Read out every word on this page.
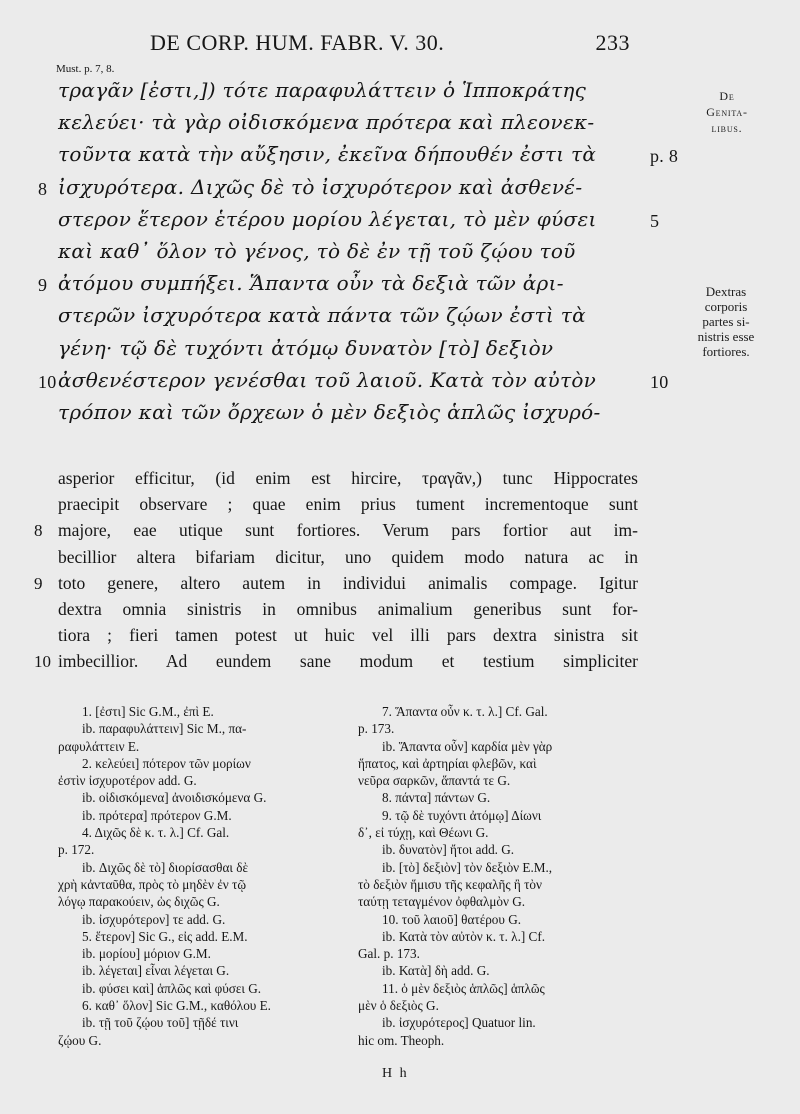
DE CORP. HUM. FABR. V. 30.	233
Must. p. 7, 8.
τραγᾶν [ἐστι,]) τότε παραφυλάττειν ὁ Ἱπποκράτης
κελεύει· τὰ γὰρ οἰδισκόμενα πρότερα καὶ πλεονεκ-
τοῦντα κατὰ τὴν αὔξησιν, ἐκεῖνα δήπουθέν ἐστι τὰ	p. 8
8 ἰσχυρότερα. Διχῶς δὲ τὸ ἰσχυρότερον καὶ ἀσθενέ-
στερον ἕτερον ἑτέρου μορίου λέγεται, τὸ μὲν φύσει	5
καὶ καθ᾽ ὅλον τὸ γένος, τὸ δὲ ἐν τῇ τοῦ ζῴου τοῦ
9 ἀτόμου συμπήξει. Ἅπαντα οὖν τὰ δεξιὰ τῶν ἀρι-
στερῶν ἰσχυρότερα κατὰ πάντα τῶν ζῴων ἐστὶ τὰ
γένη· τῷ δὲ τυχόντι ἀτόμῳ δυνατὸν [τὸ] δεξιὸν
10 ἀσθενέστερον γενέσθαι τοῦ λαιοῦ. Κατὰ τὸν αὐτὸν	10
τρόπον καὶ τῶν ὄρχεων ὁ μὲν δεξιὸς ἁπλῶς ἰσχυρό-
De
Genita-
libus.
Dextras
corporis
partes si-
nistris esse
fortiores.
asperior efficitur, (id enim est hircire, τραγᾶν,) tunc Hippocrates
praecipit observare ; quae enim prius tument incrementoque sunt
8 majore, eae utique sunt fortiores. Verum pars fortior aut im-
becillior altera bifariam dicitur, uno quidem modo natura ac in
9 toto genere, altero autem in individui animalis compage. Igitur
dextra omnia sinistris in omnibus animalium generibus sunt for-
tiora ; fieri tamen potest ut huic vel illi pars dextra sinistra sit
10 imbecillior. Ad eundem sane modum et testium simpliciter
1. [ἐστι] Sic G.M., ἐπὶ E.
ib. παραφυλάττειν] Sic M., πα-
ραφυλάττειν E.
2. κελεύει] πότερον τῶν μορίων
ἐστὶν ἰσχυροτέρον add. G.
ib. οἰδισκόμενα] ἀνοιδισκόμενα G.
ib. πρότερα] πρότερον G.M.
4. Διχῶς δὲ κ. τ. λ.] Cf. Gal.
p. 172.
ib. Διχῶς δὲ τὸ] διορίσασθαι δὲ
χρὴ κἀνταῦθα, πρὸς τὸ μηδὲν ἐν τῷ
λόγῳ παρακούειν, ὡς διχῶς G.
ib. ἰσχυρότερον] τε add. G.
5. ἕτερον] Sic G., εἰς add. E.M.
ib. μορίου] μόριον G.M.
ib. λέγεται] εἶναι λέγεται G.
ib. φύσει καὶ] ἁπλῶς καὶ φύσει G.
6. καθ᾽ ὅλον] Sic G.M., καθόλου E.
ib. τῇ τοῦ ζῴου τοῦ] τῇδέ τινι
ζῴου G.
7. Ἅπαντα οὖν κ. τ. λ.] Cf. Gal.
p. 173.
ib. Ἅπαντα οὖν] καρδία μὲν γὰρ
ἥπατος, καὶ ἀρτηρίαι φλεβῶν, καὶ
νεῦρα σαρκῶν, ἅπαντά τε G.
8. πάντα] πάντων G.
9. τῷ δὲ τυχόντι ἀτόμῳ] Δίωνι
δ᾽, εἰ τύχῃ, καὶ Θέωνι G.
ib. δυνατὸν] ἤτοι add. G.
ib. [τὸ] δεξιὸν] τὸν δεξιὸν E.M.,
τὸ δεξιὸν ἥμισυ τῆς κεφαλῆς ἢ τὸν
ταύτῃ τεταγμένον ὀφθαλμὸν G.
10. τοῦ λαιοῦ] θατέρου G.
ib. Κατὰ τὸν αὐτὸν κ. τ. λ.] Cf.
Gal. p. 173.
ib. Κατὰ] δὴ add. G.
11. ὁ μὲν δεξιὸς ἁπλῶς] ἁπλῶς
μὲν ὁ δεξιὸς G.
ib. ἰσχυρότερος] Quatuor lin.
hic om. Theoph.
H h
